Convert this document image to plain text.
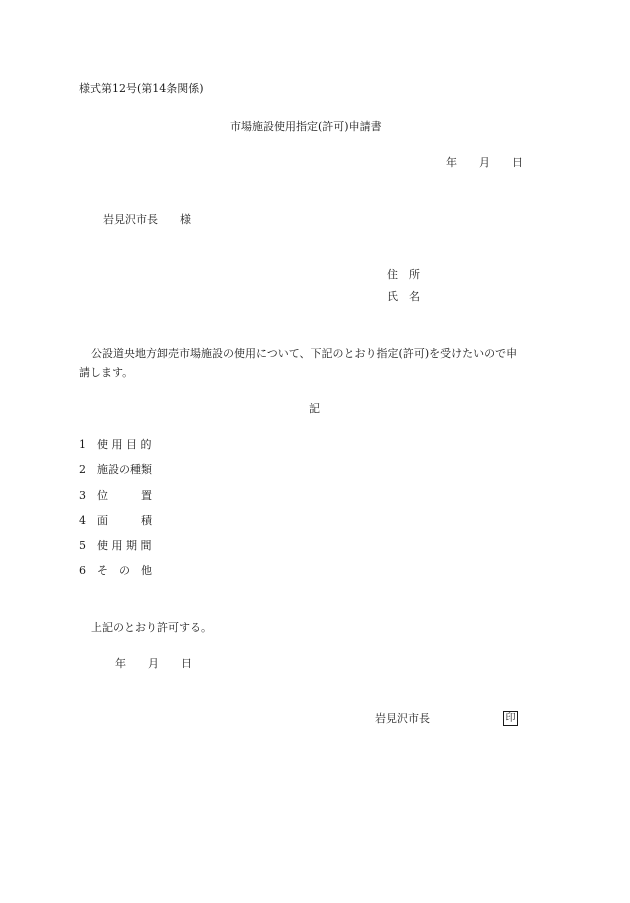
様式第12号(第14条関係)
市場施設使用指定(許可)申請書
年　　月　　日
岩見沢市長　　様
住　所
氏　名
公設道央地方卸売市場施設の使用について、下記のとおり指定(許可)を受けたいので申
請します。
記
1 使 用 目 的
2 施設の種類
3 位　　　置
4 面　　　積
5 使 用 期 間
6 そ　の　他
上記のとおり許可する。
年　　月　　日
岩見沢市長	印
